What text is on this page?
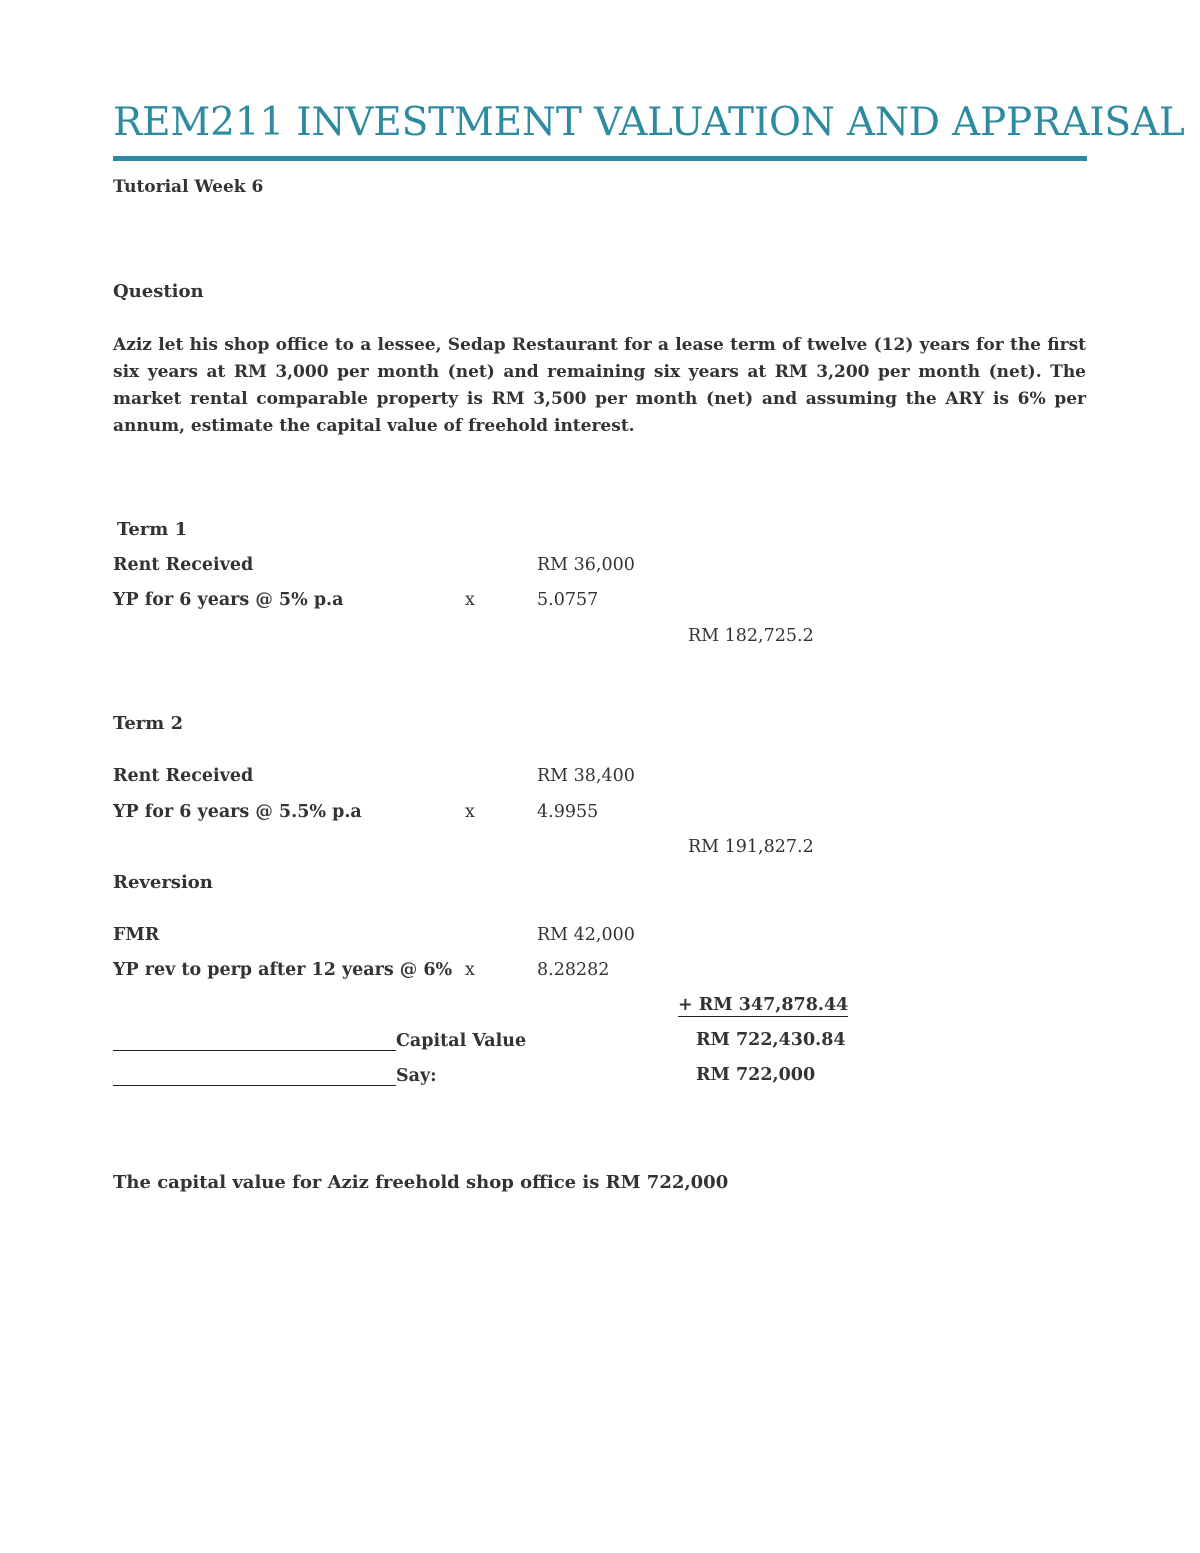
REM211 INVESTMENT VALUATION AND APPRAISAL
Tutorial Week 6
Question
Aziz let his shop office to a lessee, Sedap Restaurant for a lease term of twelve (12) years for the first six years at RM 3,000 per month (net) and remaining six years at RM 3,200 per month (net). The market rental comparable property is RM 3,500 per month (net) and assuming the ARY is 6% per annum, estimate the capital value of freehold interest.
Term 1
Rent Received	RM 36,000
YP for 6 years @ 5% p.a	x	5.0757
RM 182,725.2
Term 2
Rent Received	RM 38,400
YP for 6 years @ 5.5% p.a	x	4.9955
RM 191,827.2
Reversion
FMR	RM 42,000
YP rev to perp after 12 years @ 6% x	8.28282
+ RM 347,878.44
Capital Value	RM 722,430.84
Say:	RM 722,000
The capital value for Aziz freehold shop office is RM 722,000
